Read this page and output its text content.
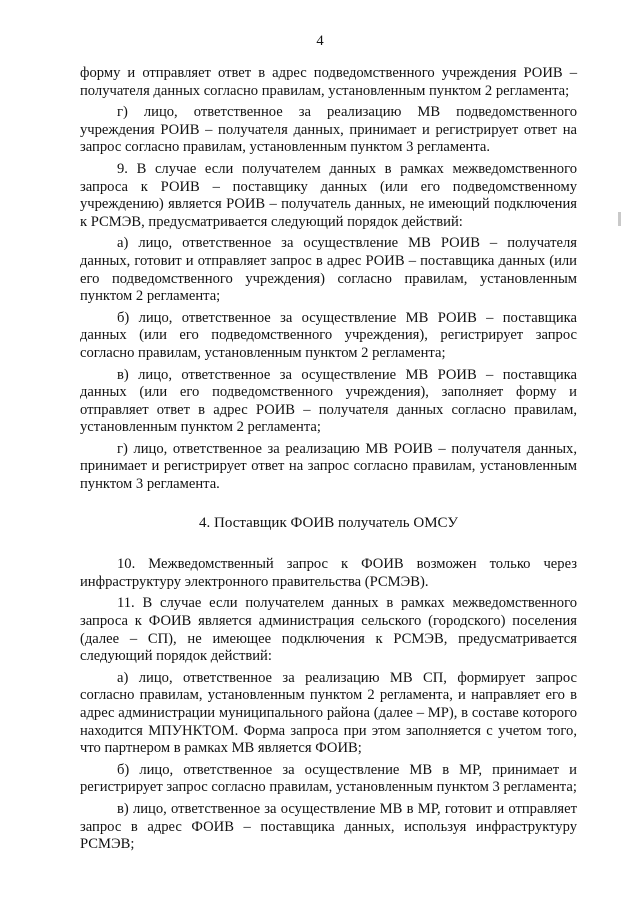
4

форму и отправляет ответ в адрес подведомственного учреждения РОИВ – получателя данных согласно правилам, установленным пунктом 2 регламента;

г) лицо, ответственное за реализацию МВ подведомственного учреждения РОИВ – получателя данных, принимает и регистрирует ответ на запрос согласно правилам, установленным пунктом 3 регламента.

9. В случае если получателем данных в рамках межведомственного запроса к РОИВ – поставщику данных (или его подведомственному учреждению) является РОИВ – получатель данных, не имеющий подключения к РСМЭВ, предусматривается следующий порядок действий:

а) лицо, ответственное за осуществление МВ РОИВ – получателя данных, готовит и отправляет запрос в адрес РОИВ – поставщика данных (или его подведомственного учреждения) согласно правилам, установленным пунктом 2 регламента;

б) лицо, ответственное за осуществление МВ РОИВ – поставщика данных (или его подведомственного учреждения), регистрирует запрос согласно правилам, установленным пунктом 2 регламента;

в) лицо, ответственное за осуществление МВ РОИВ – поставщика данных (или его подведомственного учреждения), заполняет форму и отправляет ответ в адрес РОИВ – получателя данных согласно правилам, установленным пунктом 2 регламента;

г) лицо, ответственное за реализацию МВ РОИВ – получателя данных, принимает и регистрирует ответ на запрос согласно правилам, установленным пунктом 3 регламента.

4. Поставщик ФОИВ получатель ОМСУ

10. Межведомственный запрос к ФОИВ возможен только через инфраструктуру электронного правительства (РСМЭВ).

11. В случае если получателем данных в рамках межведомственного запроса к ФОИВ является администрация сельского (городского) поселения (далее – СП), не имеющее подключения к РСМЭВ, предусматривается следующий порядок действий:

а) лицо, ответственное за реализацию МВ СП, формирует запрос согласно правилам, установленным пунктом 2 регламента, и направляет его в адрес администрации муниципального района (далее – МР), в составе которого находится МПУНКТОМ. Форма запроса при этом заполняется с учетом того, что партнером в рамках МВ является ФОИВ;

б) лицо, ответственное за осуществление МВ в МР, принимает и регистрирует запрос согласно правилам, установленным пунктом 3 регламента;

в) лицо, ответственное за осуществление МВ в МР, готовит и отправляет запрос в адрес ФОИВ – поставщика данных, используя инфраструктуру РСМЭВ;
